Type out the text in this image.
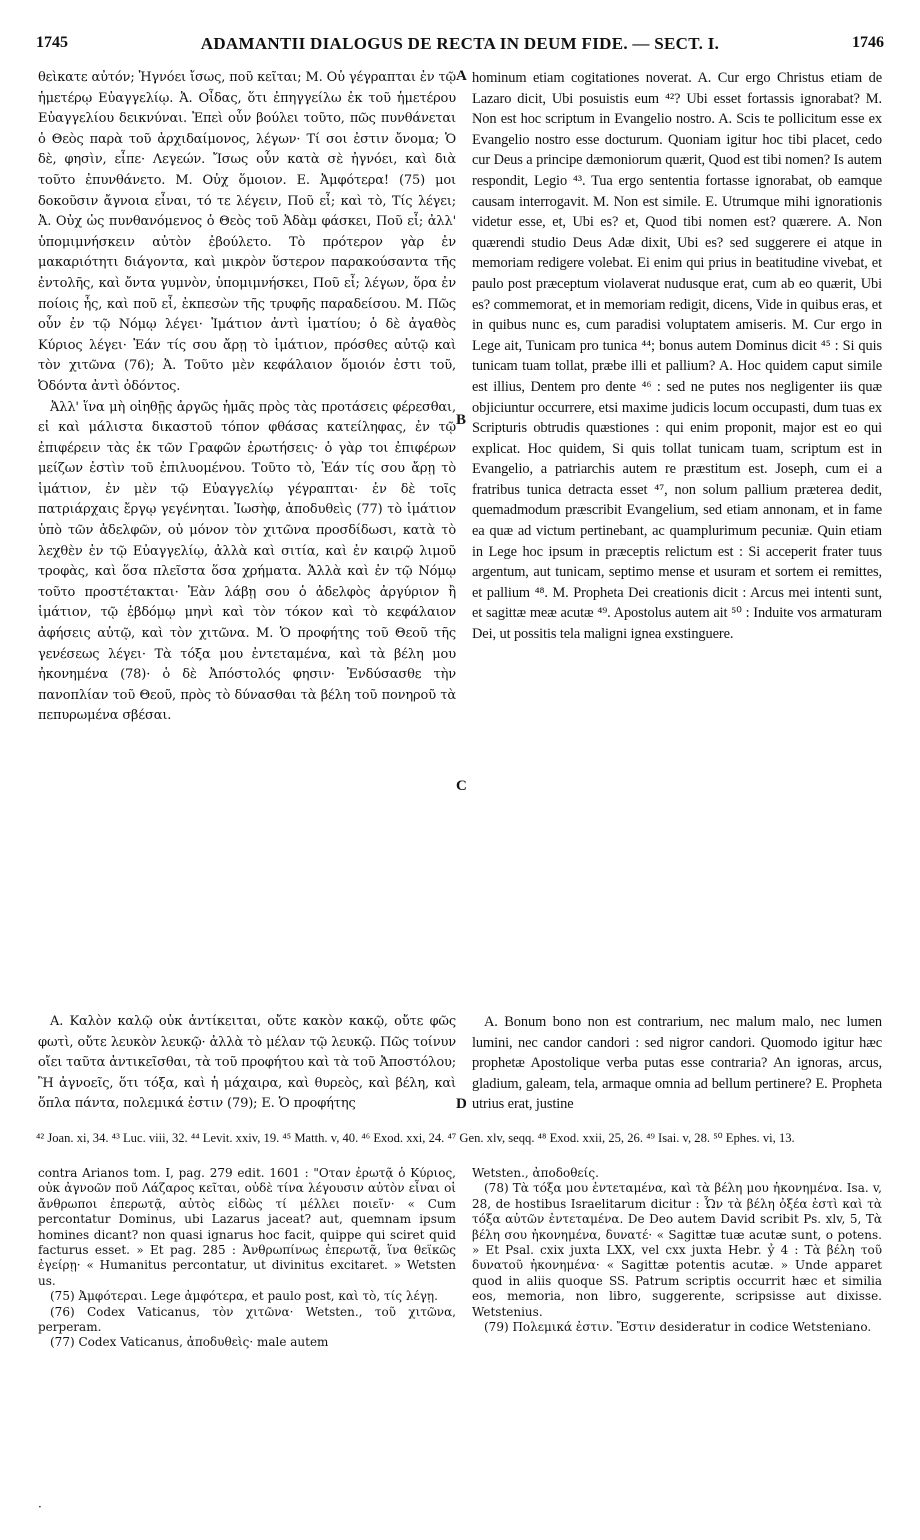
1745	ADAMANTII DIALOGUS DE RECTA IN DEUM FIDE. — SECT. I.	1746

θεὶκατε αὐτόν; Ἠγνόει ἴσως, ποῦ κεῖται; Μ. Οὐ γέγραπται ἐν τῷ ἡμετέρῳ Εὐαγγελίῳ. Ἀ. Οἶδας, ὅτι ἐπηγγείλω ἐκ τοῦ ἡμετέρου Εὐαγγελίου δεικνύναι. Ἐπεὶ οὖν βούλει τοῦτο, πῶς πυνθάνεται ὁ Θεὸς παρὰ τοῦ ἀρχιδαίμονος, λέγων· Τί σοι ἐστιν ὄνομα; Ὁ δὲ, φησὶν, εἶπε· Λεγεών. Ἴσως οὖν κατὰ σὲ ἠγνόει, καὶ διὰ τοῦτο ἐπυνθάνετο. Μ. Οὐχ ὅμοιον. Ε. Ἀμφότερα! (75) μοι δοκοῦσιν ἄγνοια εἶναι, τό τε λέγειν, Ποῦ εἶ; καὶ τὸ, Τίς λέγει; Ἀ. Οὐχ ὡς πυνθανόμενος ὁ Θεὸς τοῦ Ἀδὰμ φάσκει, Ποῦ εἶ; ἀλλ' ὑπομιμνήσκειν αὐτὸν ἐβούλετο. Τὸ πρότερον γὰρ ἐν μακαριότητι διάγοντα, καὶ μικρὸν ὕστερον παρακούσαντα τῆς ἐντολῆς, καὶ ὄντα γυμνὸν, ὑπομιμνήσκει, Ποῦ εἶ; λέγων, ὅρα ἐν ποίοις ἦς, καὶ ποῦ εἶ, ἐκπεσὼν τῆς τρυφῆς παραδείσου. Μ. Πῶς οὖν ἐν τῷ Νόμῳ λέγει· Ἱμάτιον ἀντὶ ἱματίου; ὁ δὲ ἀγαθὸς Κύριος λέγει· Ἐάν τίς σου ἄρῃ τὸ ἱμάτιον, πρόσθες αὐτῷ καὶ τὸν χιτῶνα (76); Ἀ. Τοῦτο μὲν κεφάλαιον ὅμοιόν ἐστι τοῦ, Ὀδόντα ἀντὶ ὀδόντος.

Ἀλλ' ἵνα μὴ οἰηθῇς ἀργῶς ἡμᾶς πρὸς τὰς προτάσεις φέρεσθαι, εἰ καὶ μάλιστα δικαστοῦ τόπον φθάσας κατείληφας, ἐν τῷ ἐπιφέρειν τὰς ἐκ τῶν Γραφῶν ἐρωτήσεις· ὁ γὰρ τοι ἐπιφέρων μείζων ἐστὶν τοῦ ἐπιλυομένου. Τοῦτο τὸ, Ἐάν τίς σου ἄρῃ τὸ ἱμάτιον, ἐν μὲν τῷ Εὐαγγελίῳ γέγραπται· ἐν δὲ τοῖς πατριάρχαις ἔργῳ γεγένηται. Ἰωσὴφ, ἀποδυθεὶς (77) τὸ ἱμάτιον ὑπὸ τῶν ἀδελφῶν, οὐ μόνον τὸν χιτῶνα προσδίδωσι, κατὰ τὸ λεχθὲν ἐν τῷ Εὐαγγελίῳ, ἀλλὰ καὶ σιτία, καὶ ἐν καιρῷ λιμοῦ τροφὰς, καὶ ὅσα πλεῖστα ὅσα χρήματα. Ἀλλὰ καὶ ἐν τῷ Νόμῳ τοῦτο προστέτακται· Ἐὰν λάβῃ σου ὁ ἀδελφὸς ἀργύριον ἢ ἱμάτιον, τῷ ἑβδόμῳ μηνὶ καὶ τὸν τόκον καὶ τὸ κεφάλαιον ἀφήσεις αὐτῷ, καὶ τὸν χιτῶνα. Μ. Ὁ προφήτης τοῦ Θεοῦ τῆς γενέσεως λέγει· Τὰ τόξα μου ἐντεταμένα, καὶ τὰ βέλη μου ἠκονημένα (78)· ὁ δὲ Ἀπόστολός φησιν· Ἐνδύσασθε τὴν πανοπλίαν τοῦ Θεοῦ, πρὸς τὸ δύνασθαι τὰ βέλη τοῦ πονηροῦ τὰ πεπυρωμένα σβέσαι.

Α. Καλὸν καλῷ οὐκ ἀντίκειται, οὔτε κακὸν κακῷ, οὔτε φῶς φωτὶ, οὔτε λευκὸν λευκῷ· ἀλλὰ τὸ μέλαν τῷ λευκῷ. Πῶς τοίνυν οἴει ταῦτα ἀντικεῖσθαι, τὰ τοῦ προφήτου καὶ τὰ τοῦ Ἀποστόλου; Ἢ ἀγνοεῖς, ὅτι τόξα, καὶ ἡ μάχαιρα, καὶ θυρεὸς, καὶ βέλη, καὶ ὅπλα πάντα, πολεμικά ἐστιν (79); Ε. Ὁ προφήτης

A
B
C
D

hominum etiam cogitationes noverat. A. Cur ergo Christus etiam de Lazaro dicit, Ubi posuistis eum ⁴²? Ubi esset fortassis ignorabat? M. Non est hoc scriptum in Evangelio nostro. A. Scis te pollicitum esse ex Evangelio nostro esse docturum. Quoniam igitur hoc tibi placet, cedo cur Deus a principe dæmoniorum quærit, Quod est tibi nomen? Is autem respondit, Legio ⁴³. Tua ergo sententia fortasse ignorabat, ob eamque causam interrogavit. M. Non est simile. E. Utrumque mihi ignorationis videtur esse, et, Ubi es? et, Quod tibi nomen est? quærere. A. Non quærendi studio Deus Adæ dixit, Ubi es? sed suggerere ei atque in memoriam redigere volebat. Ei enim qui prius in beatitudine vivebat, et paulo post præceptum violaverat nudusque erat, cum ab eo quærit, Ubi es? commemorat, et in memoriam redigit, dicens, Vide in quibus eras, et in quibus nunc es, cum paradisi voluptatem amiseris. M. Cur ergo in Lege ait, Tunicam pro tunica ⁴⁴; bonus autem Dominus dicit ⁴⁵ : Si quis tunicam tuam tollat, præbe illi et pallium? A. Hoc quidem caput simile est illius, Dentem pro dente ⁴⁶ : sed ne putes nos negligenter iis quæ objiciuntur occurrere, etsi maxime judicis locum occupasti, dum tuas ex Scripturis obtrudis quæstiones : qui enim proponit, major est eo qui explicat. Hoc quidem, Si quis tollat tunicam tuam, scriptum est in Evangelio, a patriarchis autem re præstitum est. Joseph, cum ei a fratribus tunica detracta esset ⁴⁷, non solum pallium præterea dedit, quemadmodum præscribit Evangelium, sed etiam annonam, et in fame ea quæ ad victum pertinebant, ac quamplurimum pecuniæ. Quin etiam in Lege hoc ipsum in præceptis relictum est : Si acceperit frater tuus argentum, aut tunicam, septimo mense et usuram et sortem ei remittes, et pallium ⁴⁸. M. Propheta Dei creationis dicit : Arcus mei intenti sunt, et sagittæ meæ acutæ ⁴⁹. Apostolus autem ait ⁵⁰ : Induite vos armaturam Dei, ut possitis tela maligni ignea exstinguere.

A. Bonum bono non est contrarium, nec malum malo, nec lumen lumini, nec candor candori : sed nigror candori. Quomodo igitur hæc prophetæ Apostolique verba putas esse contraria? An ignoras, arcus, gladium, galeam, tela, armaque omnia ad bellum pertinere? E. Propheta utrius erat, justine

⁴² Joan. xi, 34. ⁴³ Luc. viii, 32. ⁴⁴ Levit. xxiv, 19. ⁴⁵ Matth. v, 40. ⁴⁶ Exod. xxi, 24. ⁴⁷ Gen. xlv, seqq. ⁴⁸ Exod. xxii, 25, 26. ⁴⁹ Isai. v, 28. ⁵⁰ Ephes. vi, 13.

contra Arianos tom. I, pag. 279 edit. 1601 : "Οταν ἐρωτᾷ ὁ Κύριος, οὐκ ἀγνοῶν ποῦ Λάζαρος κεῖται, οὐδὲ τίνα λέγουσιν αὐτὸν εἶναι οἱ ἄνθρωποι ἐπερωτᾷ, αὐτὸς εἰδὼς τί μέλλει ποιεῖν· « Cum percontatur Dominus, ubi Lazarus jaceat? aut, quemnam ipsum homines dicant? non quasi ignarus hoc facit, quippe qui sciret quid facturus esset. » Et pag. 285 : Ἀνθρωπίνως ἐπερωτᾷ, ἵνα θεϊκῶς ἐγείρῃ· « Humanitus percontatur, ut divinitus excitaret. » Wetsten us.

(75) Ἀμφότεραι. Lege ἀμφότερα, et paulo post, καὶ τὸ, τίς λέγῃ.

(76) Codex Vaticanus, τὸν χιτῶνα· Wetsten., τοῦ χιτῶνα, perperam.

(77) Codex Vaticanus, ἀποδυθεὶς· male autem

Wetsten., ἀποδοθείς.

(78) Τὰ τόξα μου ἐντεταμένα, καὶ τὰ βέλη μου ἠκονημένα. Isa. v, 28, de hostibus Israelitarum dicitur : Ὧν τὰ βέλη ὀξέα ἐστὶ καὶ τὰ τόξα αὐτῶν ἐντεταμένα. De Deo autem David scribit Ps. xlv, 5, Τὰ βέλη σου ἠκονημένα, δυνατέ· « Sagittæ tuæ acutæ sunt, o potens. » Et Psal. cxix juxta LXX, vel cxx juxta Hebr. ỷ 4 : Τὰ βέλη τοῦ δυνατοῦ ἠκονημένα· « Sagittæ potentis acutæ. » Unde apparet quod in aliis quoque SS. Patrum scriptis occurrit hæc et similia eos, memoria, non libro, suggerente, scripsisse aut dixisse. Wetstenius.

(79) Πολεμικά ἐστιν. Ἔστιν desideratur in codice Wetsteniano.

·
